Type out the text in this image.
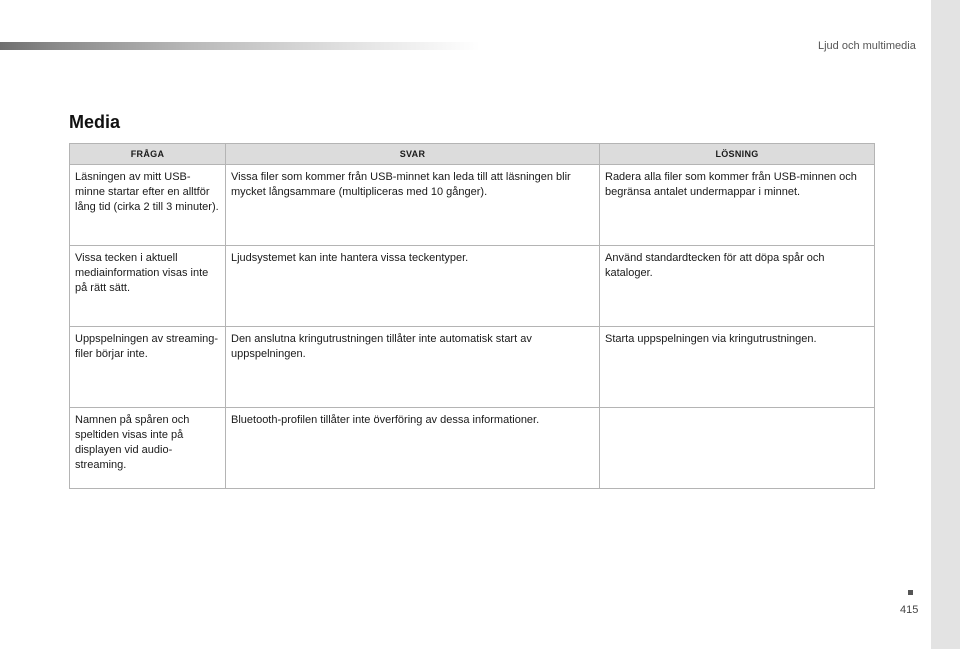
Ljud och multimedia
Media
FRÅGA	SVAR	LÖSNING
Läsningen av mitt USB-minne startar efter en alltför lång tid (cirka 2 till 3 minuter).	Vissa filer som kommer från USB-minnet kan leda till att läsningen blir mycket långsammare (multipliceras med 10 gånger).	Radera alla filer som kommer från USB-minnen och begränsa antalet undermappar i minnet.
Vissa tecken i aktuell mediainformation visas inte på rätt sätt.	Ljudsystemet kan inte hantera vissa teckentyper.	Använd standardtecken för att döpa spår och kataloger.
Uppspelningen av streaming-filer börjar inte.	Den anslutna kringutrustningen tillåter inte automatisk start av uppspelningen.	Starta uppspelningen via kringutrustningen.
Namnen på spåren och speltiden visas inte på displayen vid audio-streaming.	Bluetooth-profilen tillåter inte överföring av dessa informationer.	
415
